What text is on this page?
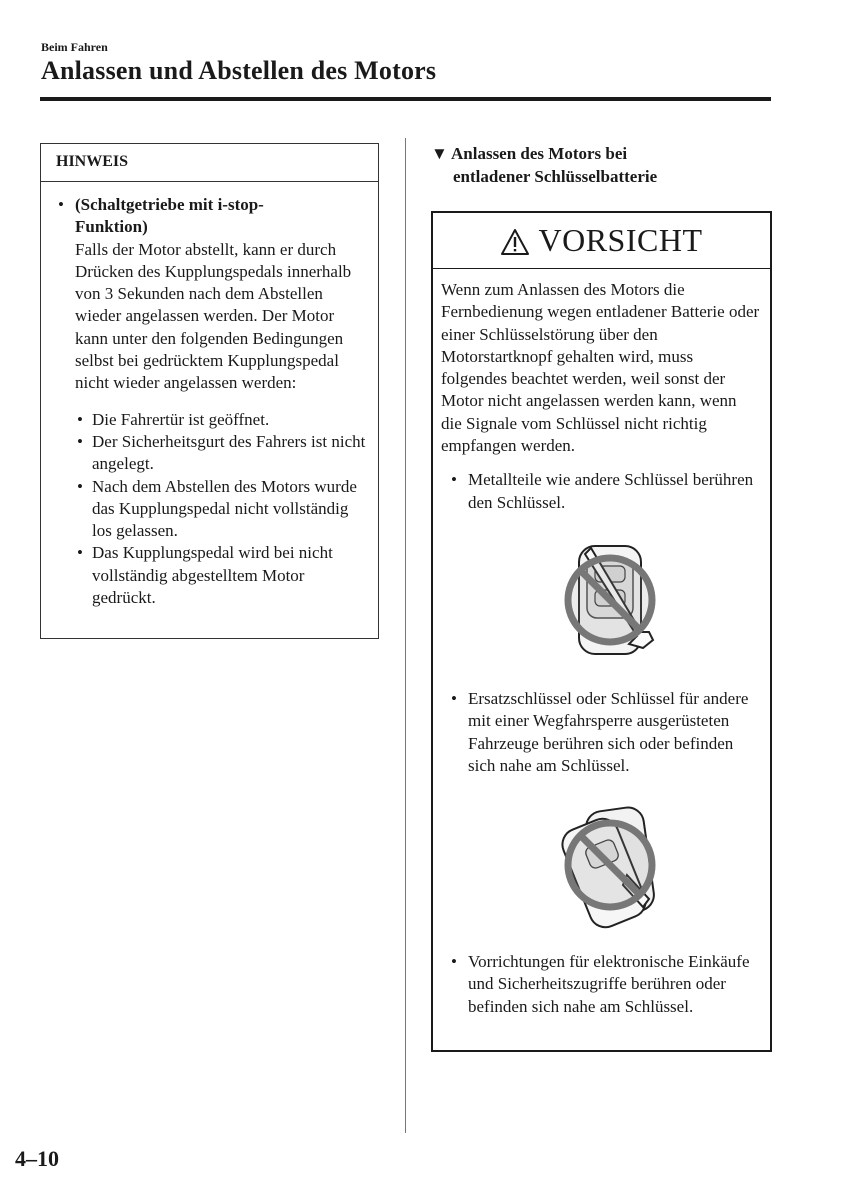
Beim Fahren
Anlassen und Abstellen des Motors
HINWEIS
• (Schaltgetriebe mit i-stop-
Funktion)
Falls der Motor abstellt, kann er durch Drücken des Kupplungspedals innerhalb von 3 Sekunden nach dem Abstellen wieder angelassen werden. Der Motor kann unter den folgenden Bedingungen selbst bei gedrücktem Kupplungspedal nicht wieder angelassen werden:
• Die Fahrertür ist geöffnet.
• Der Sicherheitsgurt des Fahrers ist nicht angelegt.
• Nach dem Abstellen des Motors wurde das Kupplungspedal nicht vollständig los gelassen.
• Das Kupplungspedal wird bei nicht vollständig abgestelltem Motor gedrückt.
▼ Anlassen des Motors bei
entladener Schlüsselbatterie
VORSICHT
Wenn zum Anlassen des Motors die Fernbedienung wegen entladener Batterie oder einer Schlüsselstörung über den Motorstartknopf gehalten wird, muss folgendes beachtet werden, weil sonst der Motor nicht angelassen werden kann, wenn die Signale vom Schlüssel nicht richtig empfangen werden.
• Metallteile wie andere Schlüssel berühren den Schlüssel.
• Ersatzschlüssel oder Schlüssel für andere mit einer Wegfahrsperre ausgerüsteten Fahrzeuge berühren sich oder befinden sich nahe am Schlüssel.
• Vorrichtungen für elektronische Einkäufe und Sicherheitszugriffe berühren oder befinden sich nahe am Schlüssel.
4–10
